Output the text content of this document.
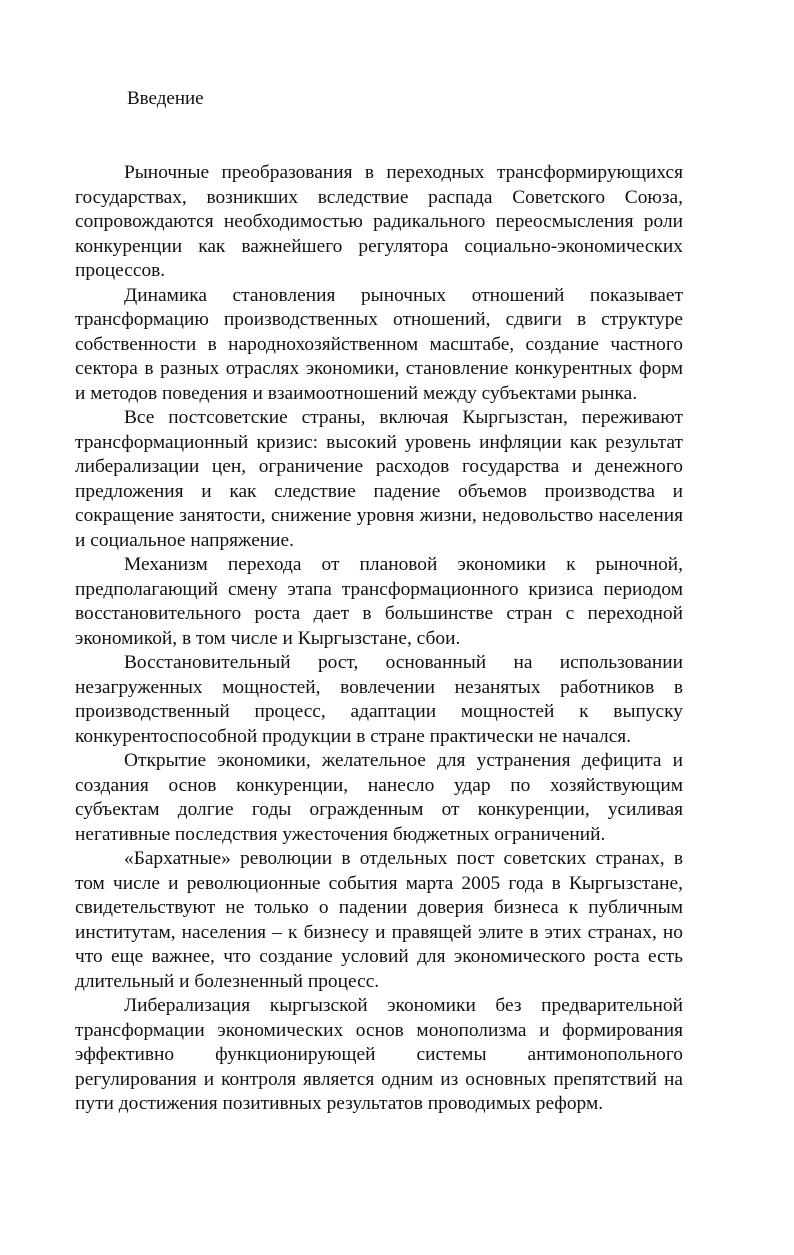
Введение

Рыночные преобразования в переходных трансформирующихся государствах, возникших вследствие распада Советского Союза, сопровождаются необходимостью радикального переосмысления роли конкуренции как важнейшего регулятора социально-экономических процессов.

Динамика становления рыночных отношений показывает трансформацию производственных отношений, сдвиги в структуре собственности в народнохозяйственном масштабе, создание частного сектора в разных отраслях экономики, становление конкурентных форм и методов поведения и взаимоотношений между субъектами рынка.

Все постсоветские страны, включая Кыргызстан, переживают трансформационный кризис: высокий уровень инфляции как результат либерализации цен, ограничение расходов государства и денежного предложения и как следствие падение объемов производства и сокращение занятости, снижение уровня жизни, недовольство населения и социальное напряжение.

Механизм перехода от плановой экономики к рыночной, предполагающий смену этапа трансформационного кризиса периодом восстановительного роста дает в большинстве стран с переходной экономикой, в том числе и Кыргызстане, сбои.

Восстановительный рост, основанный на использовании незагруженных мощностей, вовлечении незанятых работников в производственный процесс, адаптации мощностей к выпуску конкурентоспособной продукции в стране практически не начался.

Открытие экономики, желательное для устранения дефицита и создания основ конкуренции, нанесло удар по хозяйствующим субъектам долгие годы огражденным от конкуренции, усиливая негативные последствия ужесточения бюджетных ограничений.

«Бархатные» революции в отдельных пост советских странах, в том числе и революционные события марта 2005 года в Кыргызстане, свидетельствуют не только о падении доверия бизнеса к публичным институтам, населения – к бизнесу и правящей элите в этих странах, но что еще важнее, что создание условий для экономического роста есть длительный и болезненный процесс.

Либерализация кыргызской экономики без предварительной трансформации экономических основ монополизма и формирования эффективно функционирующей системы антимонопольного регулирования и контроля является одним из основных препятствий на пути достижения позитивных результатов проводимых реформ.
